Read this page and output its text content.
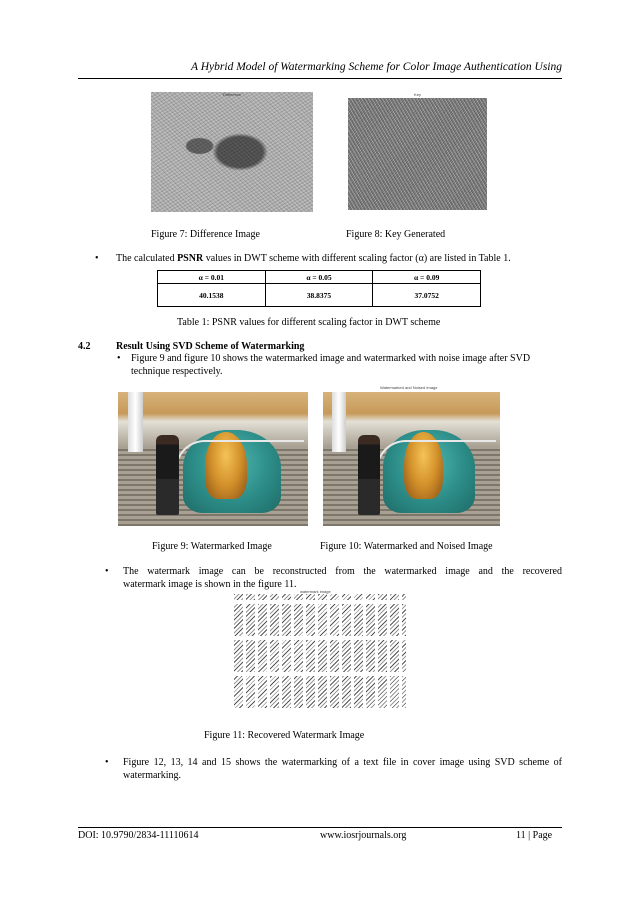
A Hybrid Model of Watermarking Scheme for Color Image Authentication Using
Difference	Key
Figure 7: Difference Image	Figure 8: Key Generated
• The calculated PSNR values in DWT scheme with different scaling factor (α) are listed in Table 1.
α = 0.01	α = 0.05	α = 0.09
40.1538	38.8375	37.0752
Table 1: PSNR values for different scaling factor in DWT scheme
4.2	Result Using SVD Scheme of Watermarking
• Figure 9 and figure 10 shows the watermarked image and watermarked with noise image after SVD
technique respectively.
Watermarked and Noised Image
Figure 9: Watermarked Image	Figure 10: Watermarked and Noised Image
• The watermark image can be reconstructed from the watermarked image and the recovered
watermark image is shown in the figure 11.
watermark image
Figure 11: Recovered Watermark Image
• Figure 12, 13, 14 and 15 shows the watermarking of a text file in cover image using SVD scheme of
watermarking.
DOI: 10.9790/2834-11110614	www.iosrjournals.org	11 | Page
